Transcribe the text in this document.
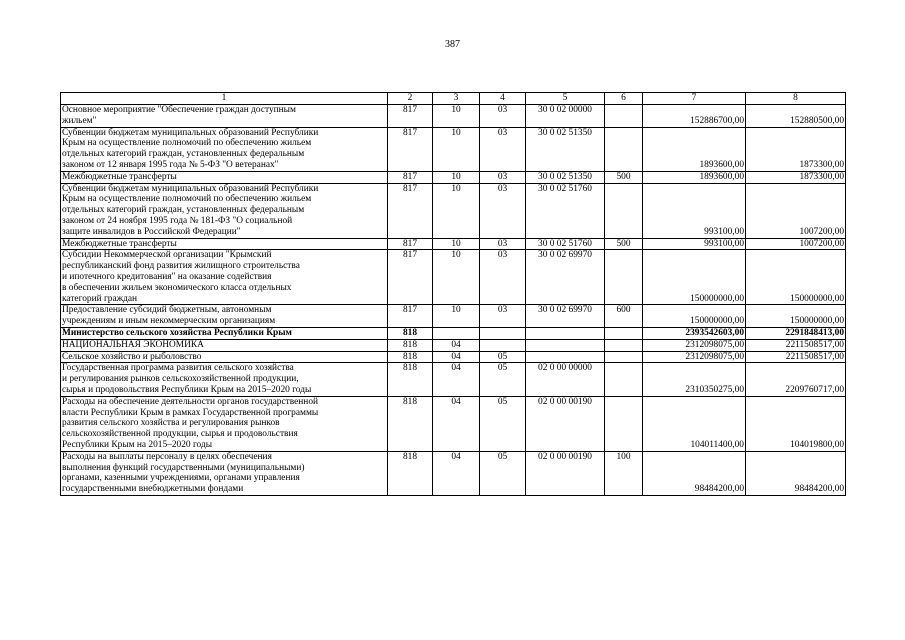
387
1	2	3	4	5	6	7	8
Основное мероприятие "Обеспечение граждан доступным
жильем"	817	10	03	30 0 02 00000		152886700,00	152880500,00
Субвенции бюджетам муниципальных образований Республики
Крым на осуществление полномочий по обеспечению жильем
отдельных категорий граждан, установленных федеральным
законом от 12 января 1995 года № 5-ФЗ "О ветеранах"	817	10	03	30 0 02 51350		1893600,00	1873300,00
Межбюджетные трансферты	817	10	03	30 0 02 51350	500	1893600,00	1873300,00
Субвенции бюджетам муниципальных образований Республики
Крым на осуществление полномочий по обеспечению жильем
отдельных категорий граждан, установленных федеральным
законом от 24 ноября 1995 года № 181-ФЗ "О социальной
защите инвалидов в Российской Федерации"	817	10	03	30 0 02 51760		993100,00	1007200,00
Межбюджетные трансферты	817	10	03	30 0 02 51760	500	993100,00	1007200,00
Субсидии Некоммерческой организации "Крымский
республиканский фонд развития жилищного строительства
и ипотечного кредитования" на оказание содействия
в обеспечении жильем экономического класса отдельных
категорий граждан	817	10	03	30 0 02 69970		150000000,00	150000000,00
Предоставление субсидий бюджетным, автономным
учреждениям и иным некоммерческим организациям	817	10	03	30 0 02 69970	600	150000000,00	150000000,00
Министерство сельского хозяйства Республики Крым	818					2393542603,00	2291848413,00
НАЦИОНАЛЬНАЯ ЭКОНОМИКА	818	04				2312098075,00	2211508517,00
Сельское хозяйство и рыболовство	818	04	05			2312098075,00	2211508517,00
Государственная программа развития сельского хозяйства
и регулирования рынков сельскохозяйственной продукции,
сырья и продовольствия Республики Крым на 2015–2020 годы	818	04	05	02 0 00 00000		2310350275,00	2209760717,00
Расходы на обеспечение деятельности органов государственной
власти Республики Крым в рамках Государственной программы
развития сельского хозяйства и регулирования рынков
сельскохозяйственной продукции, сырья и продовольствия
Республики Крым на 2015–2020 годы	818	04	05	02 0 00 00190		104011400,00	104019800,00
Расходы на выплаты персоналу в целях обеспечения
выполнения функций государственными (муниципальными)
органами, казенными учреждениями, органами управления
государственными внебюджетными фондами	818	04	05	02 0 00 00190	100	98484200,00	98484200,00
